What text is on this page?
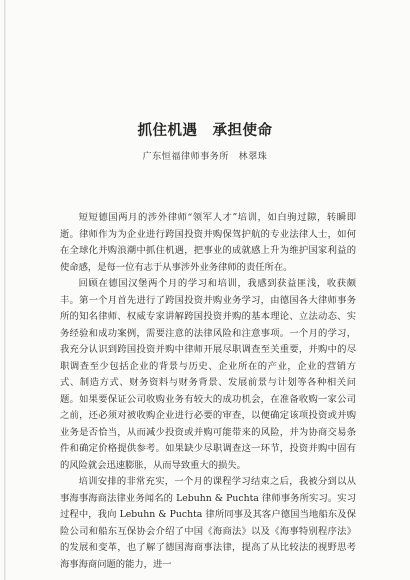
抓住机遇　承担使命
广东恒福律师事务所　林翠珠

短短德国两月的涉外律师“领军人才”培训，如白驹过隙，转瞬即逝。律师作为为企业进行跨国投资并购保驾护航的专业法律人士，如何在全球化并购浪潮中抓住机遇，把事业的成就感上升为维护国家利益的使命感，是每一位有志于从事涉外业务律师的责任所在。

回顾在德国汉堡两个月的学习和培训，我感到获益匪浅，收获颇丰。第一个月首先进行了跨国投资并购业务学习，由德国各大律师事务所的知名律师、权威专家讲解跨国投资并购的基本理论、立法动态、实务经验和成功案例，需要注意的法律风险和注意事项。一个月的学习，我充分认识到跨国投资并购中律师开展尽职调查至关重要，并购中的尽职调查至少包括企业的背景与历史、企业所在的产业，企业的营销方式、制造方式、财务资料与财务背景、发展前景与计划等各种相关问题。如果要保证公司收购业务有较大的成功机会，在准备收购一家公司之前，还必须对被收购企业进行必要的审查，以便确定该项投资或并购业务是否恰当，从而减少投资或并购可能带来的风险，并为协商交易条件和确定价格提供参考。如果缺少尽职调查这一环节，投资并购中固有的风险就会迅速膨胀，从而导致重大的损失。

培训安排的非常充实，一个月的课程学习结束之后，我被分到以从事海事海商法律业务闻名的 Lebuhn & Puchta 律师事务所实习。实习过程中，我向 Lebuhn & Puchta 律所同事及其客户德国当地船东及保险公司和船东互保协会介绍了中国《海商法》以及《海事特别程序法》的发展和变革，也了解了德国海商事法律，提高了从比较法的视野思考海事海商问题的能力，进一
